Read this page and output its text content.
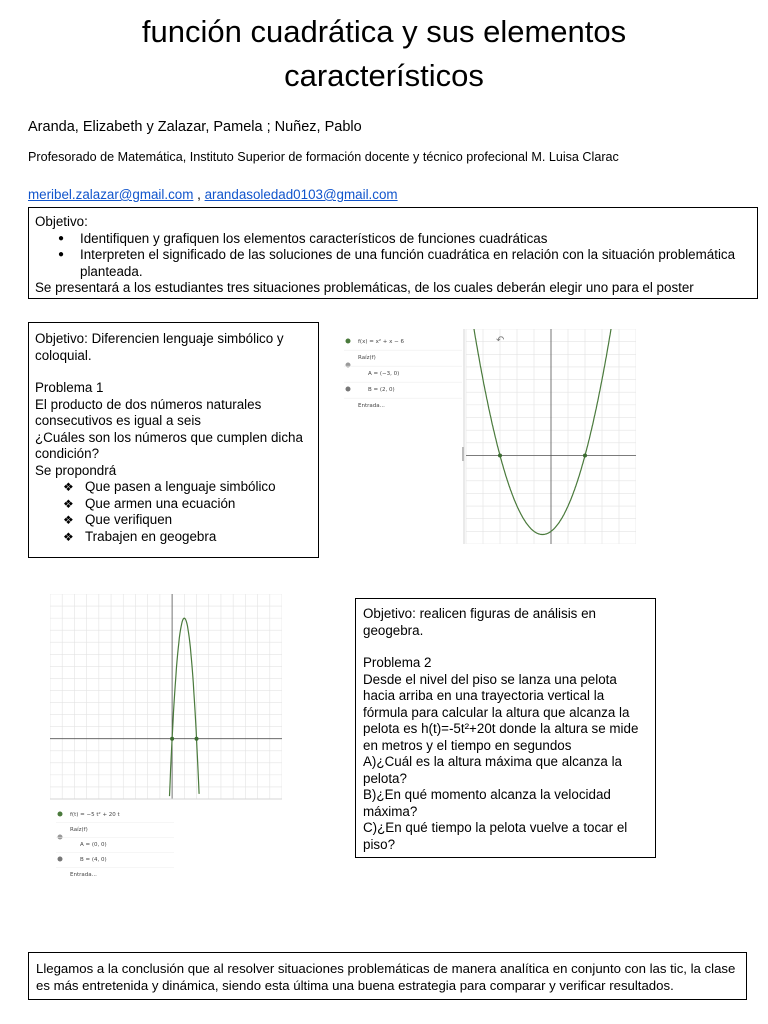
función cuadrática y sus elementos
característicos
Aranda, Elizabeth y Zalazar, Pamela ; Nuñez, Pablo
Profesorado de Matemática, Instituto Superior de formación docente y técnico profecional M. Luisa Clarac
meribel.zalazar@gmail.com , arandasoledad0103@gmail.com
Objetivo:
● Identifiquen y grafiquen los elementos característicos de funciones cuadráticas
● Interpreten el significado de las soluciones de una función cuadrática en relación con la situación problemática planteada.
Se presentará a los estudiantes tres situaciones problemáticas, de los cuales deberán elegir uno para el poster
Objetivo: Diferencien lenguaje simbólico y coloquial.
Problema 1
El producto de dos números naturales consecutivos es igual a seis
¿Cuáles son los números que cumplen dicha condición?
Se propondrá
❖ Que pasen a lenguaje simbólico
❖ Que armen una ecuación
❖ Que verifiquen
❖ Trabajen en geogebra
f(x) = x² + x − 6
Raíz(f)
A = (−3, 0)
B = (2, 0)
Entrada...
↶
f(t) = −5 t² + 20 t
Raíz(f)
A = (0, 0)
B = (4, 0)
Entrada...
Objetivo: realicen figuras de análisis en geogebra.
Problema 2
Desde el nivel del piso se lanza una pelota hacia arriba en una trayectoria vertical la fórmula para calcular la altura que alcanza la pelota es h(t)=-5t²+20t donde la altura se mide en metros y el tiempo en segundos
A)¿Cuál es la altura máxima que alcanza la pelota?
B)¿En qué momento alcanza la velocidad máxima?
C)¿En qué tiempo la pelota vuelve a tocar el piso?
Llegamos a la conclusión que al resolver situaciones problemáticas de manera analítica en conjunto con las tic, la clase es más entretenida y dinámica, siendo esta última una buena estrategia para comparar y verificar resultados.
